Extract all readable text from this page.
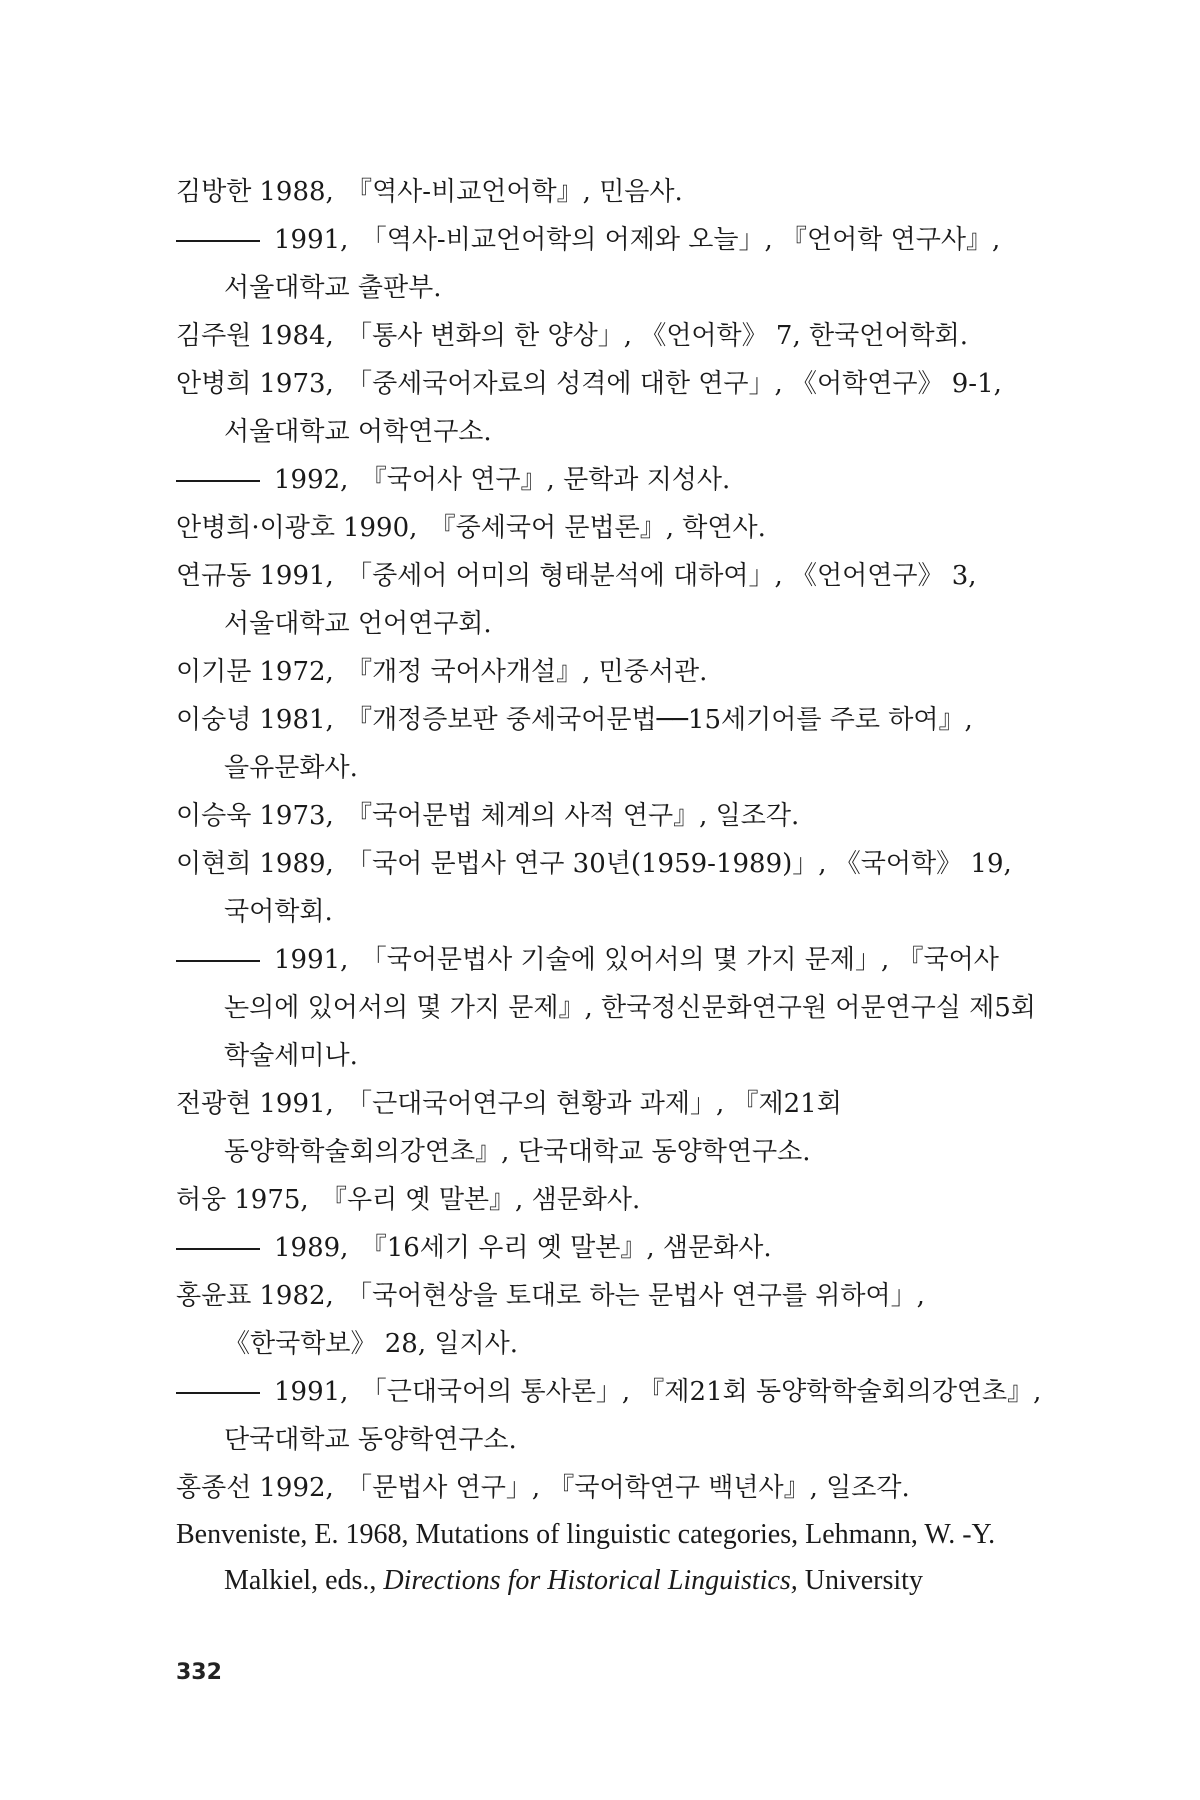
김방한 1988, 『역사-비교언어학』, 민음사.
1991, 「역사-비교언어학의 어제와 오늘」, 『언어학 연구사』, 서울대학교 출판부.
김주원 1984, 「통사 변화의 한 양상」, 《언어학》 7, 한국언어학회.
안병희 1973, 「중세국어자료의 성격에 대한 연구」, 《어학연구》 9-1, 서울대학교 어학연구소.
1992, 『국어사 연구』, 문학과 지성사.
안병희·이광호 1990, 『중세국어 문법론』, 학연사.
연규동 1991, 「중세어 어미의 형태분석에 대하여」, 《언어연구》 3, 서울대학교 언어연구회.
이기문 1972, 『개정 국어사개설』, 민중서관.
이숭녕 1981, 『개정증보판 중세국어문법──15세기어를 주로 하여』, 을유문화사.
이승욱 1973, 『국어문법 체계의 사적 연구』, 일조각.
이현희 1989, 「국어 문법사 연구 30년(1959-1989)」, 《국어학》 19, 국어학회.
1991, 「국어문법사 기술에 있어서의 몇 가지 문제」, 『국어사 논의에 있어서의 몇 가지 문제』, 한국정신문화연구원 어문연구실 제5회 학술세미나.
전광현 1991, 「근대국어연구의 현황과 과제」, 『제21회 동양학학술회의강연초』, 단국대학교 동양학연구소.
허웅 1975, 『우리 옛 말본』, 샘문화사.
1989, 『16세기 우리 옛 말본』, 샘문화사.
홍윤표 1982, 「국어현상을 토대로 하는 문법사 연구를 위하여」, 《한국학보》 28, 일지사.
1991, 「근대국어의 통사론」, 『제21회 동양학학술회의강연초』, 단국대학교 동양학연구소.
홍종선 1992, 「문법사 연구」, 『국어학연구 백년사』, 일조각.
Benveniste, E. 1968, Mutations of linguistic categories, Lehmann, W. -Y. Malkiel, eds., Directions for Historical Linguistics, University
332
